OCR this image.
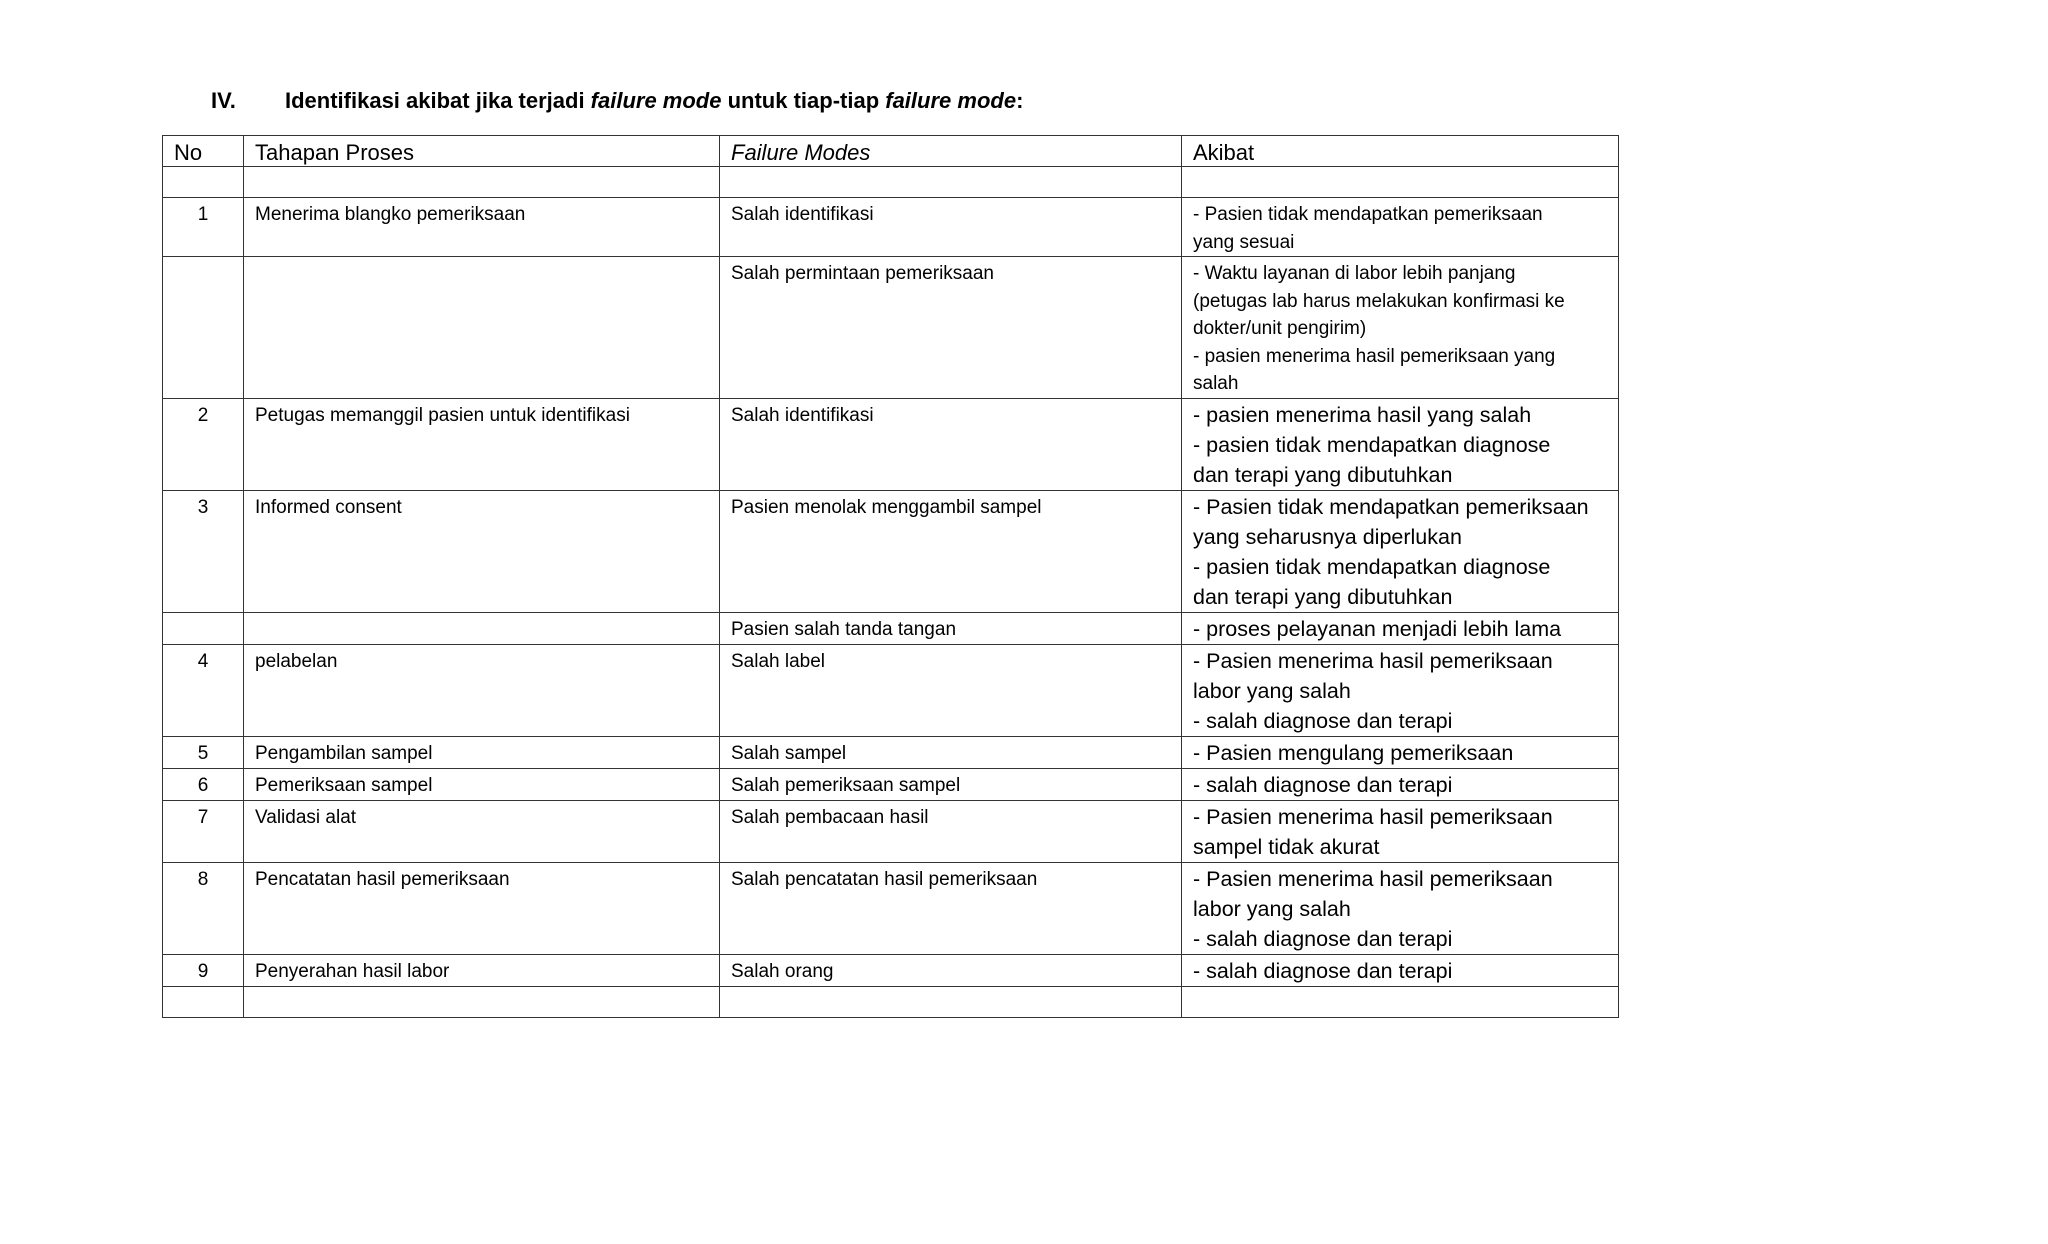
IV. Identifikasi akibat jika terjadi failure mode untuk tiap-tiap failure mode:
No	Tahapan Proses	Failure Modes	Akibat

1	Menerima blangko pemeriksaan	Salah identifikasi	- Pasien tidak mendapatkan pemeriksaan
yang sesuai

		Salah permintaan pemeriksaan	- Waktu layanan di labor lebih panjang
(petugas lab harus melakukan konfirmasi ke
dokter/unit pengirim)
- pasien menerima hasil pemeriksaan yang
salah

2	Petugas memanggil pasien untuk identifikasi	Salah identifikasi	- pasien menerima hasil yang salah
- pasien tidak mendapatkan diagnose
dan terapi yang dibutuhkan

3	Informed consent	Pasien menolak menggambil sampel	- Pasien tidak mendapatkan pemeriksaan
yang seharusnya diperlukan
- pasien tidak mendapatkan diagnose
dan terapi yang dibutuhkan

		Pasien salah tanda tangan	- proses pelayanan menjadi lebih lama

4	pelabelan	Salah label	- Pasien menerima hasil pemeriksaan
labor yang salah
- salah diagnose dan terapi

5	Pengambilan sampel	Salah sampel	- Pasien mengulang pemeriksaan

6	Pemeriksaan sampel	Salah pemeriksaan sampel	- salah diagnose dan terapi

7	Validasi alat	Salah pembacaan hasil	- Pasien menerima hasil pemeriksaan
sampel tidak akurat

8	Pencatatan hasil pemeriksaan	Salah pencatatan hasil pemeriksaan	- Pasien menerima hasil pemeriksaan
labor yang salah
- salah diagnose dan terapi

9	Penyerahan hasil labor	Salah orang	- salah diagnose dan terapi
